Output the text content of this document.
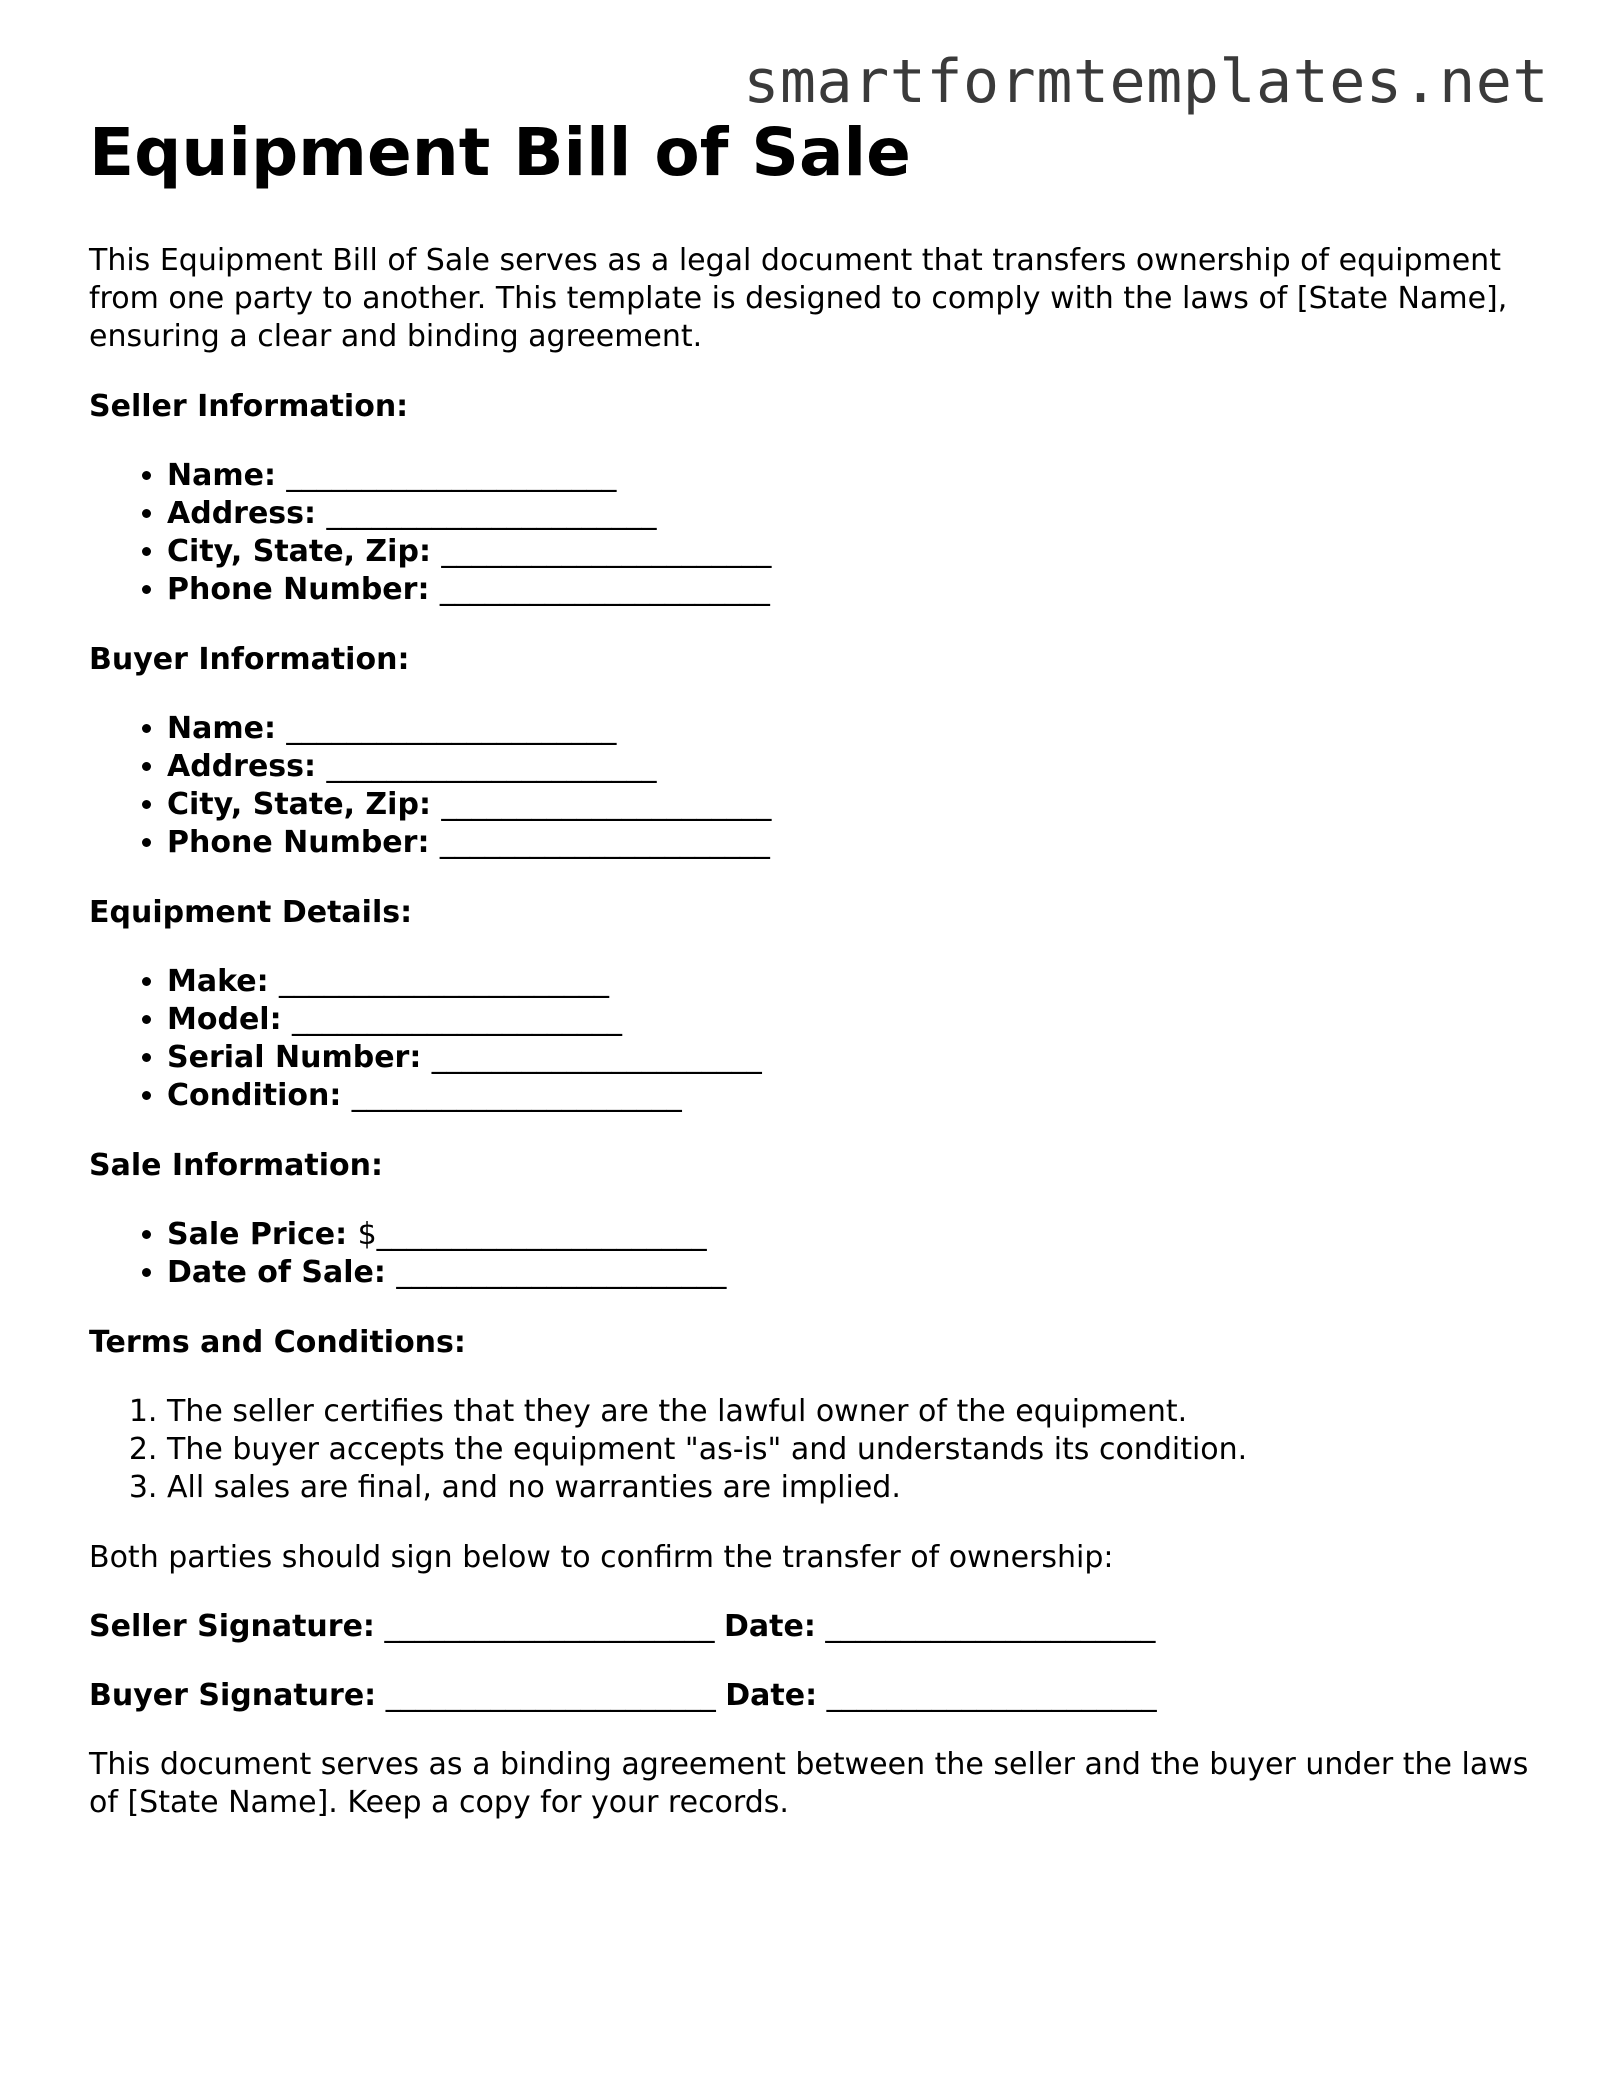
smartformtemplates.net
Equipment Bill of Sale

This Equipment Bill of Sale serves as a legal document that transfers ownership of equipment from one party to another. This template is designed to comply with the laws of [State Name], ensuring a clear and binding agreement.

Seller Information:
• Name: ______________________
• Address: ______________________
• City, State, Zip: ______________________
• Phone Number: ______________________
Buyer Information:
• Name: ______________________
• Address: ______________________
• City, State, Zip: ______________________
• Phone Number: ______________________
Equipment Details:
• Make: ______________________
• Model: ______________________
• Serial Number: ______________________
• Condition: ______________________
Sale Information:
• Sale Price: $______________________
• Date of Sale: ______________________
Terms and Conditions:
1. The seller certifies that they are the lawful owner of the equipment.
2. The buyer accepts the equipment "as-is" and understands its condition.
3. All sales are final, and no warranties are implied.

Both parties should sign below to confirm the transfer of ownership:

Seller Signature: ______________________ Date: ______________________
Buyer Signature: ______________________ Date: ______________________

This document serves as a binding agreement between the seller and the buyer under the laws of [State Name]. Keep a copy for your records.
